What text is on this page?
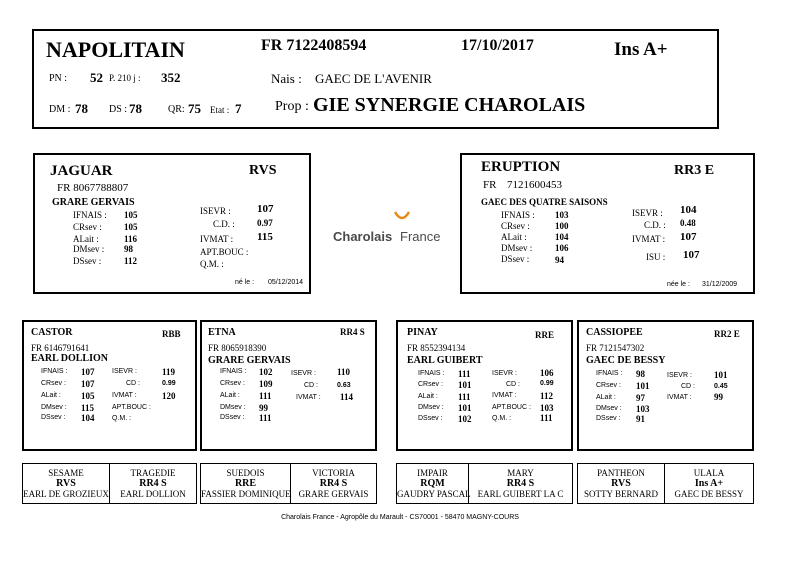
NAPOLITAIN	FR 7122408594	17/10/2017	Ins A+
PN : 52 P. 210 j : 352	Nais : GAEC DE L'AVENIR
DM : 78 DS : 78	QR: 75 Etat : 7 Prop : GIE SYNERGIE CHAROLAIS
JAGUAR	RVS
FR 8067788807
GRARE GERVAIS
IFNAIS : 105
CRsev : 105
ALait :	116
DMsev : 98
DSsev :	112
ISEVR : 107
C.D. : 0.97
IVMAT : 115
APT.BOUC :
Q.M. :
né le : 05/12/2014
Charolais France
ERUPTION	RR3 E
FR 7121600453
GAEC DES QUATRE SAISONS
IFNAIS : 103
CRsev :	100
ALait :	104
DMsev :	106
DSsev :	94
ISEVR : 104
C.D. : 0.48
IVMAT : 107
ISU : 107
née le : 31/12/2009
CASTOR	RBB
FR 6146791641
EARL DOLLION
IFNAIS : 107
CRsev : 107
ALait : 105
DMsev : 115
DSsev : 104
ISEVR :	119
CD :	0.99
IVMAT :	120
APT.BOUC :
Q.M. :
ETNA	RR4 S
FR 8065918390
GRARE GERVAIS
IFNAIS : 102
CRsev : 109
ALait : 111
DMsev : 99
DSsev : 111
ISEVR : 110
CD :	0.63
IVMAT : 114
PINAY	RRE
FR 8552394134
EARL GUIBERT
IFNAIS : 111
CRsev : 101
ALait : 111
DMsev : 101
DSsev : 102
ISEVR :	106
CD :	0.99
IVMAT :	112
APT.BOUC : 103
Q.M. :	111
CASSIOPEE	RR2 E
FR 7121547302
GAEC DE BESSY
IFNAIS : 98
CRsev : 101
ALait : 97
DMsev : 103
DSsev : 91
ISEVR : 101
CD :	0.45
IVMAT : 99
SESAME
RVS
EARL DE GROZIEUX
TRAGEDIE
RR4 S
EARL DOLLION
SUEDOIS
RRE
FASSIER DOMINIQUE
VICTORIA
RR4 S
GRARE GERVAIS
IMPAIR
RQM
GAUDRY PASCAL
MARY
RR4 S
EARL GUIBERT LA C
PANTHEON
RVS
SOTTY BERNARD
ULALA
Ins A+
GAEC DE BESSY
Charolais France - Agropôle du Marault - CS70001 - 58470 MAGNY-COURS
